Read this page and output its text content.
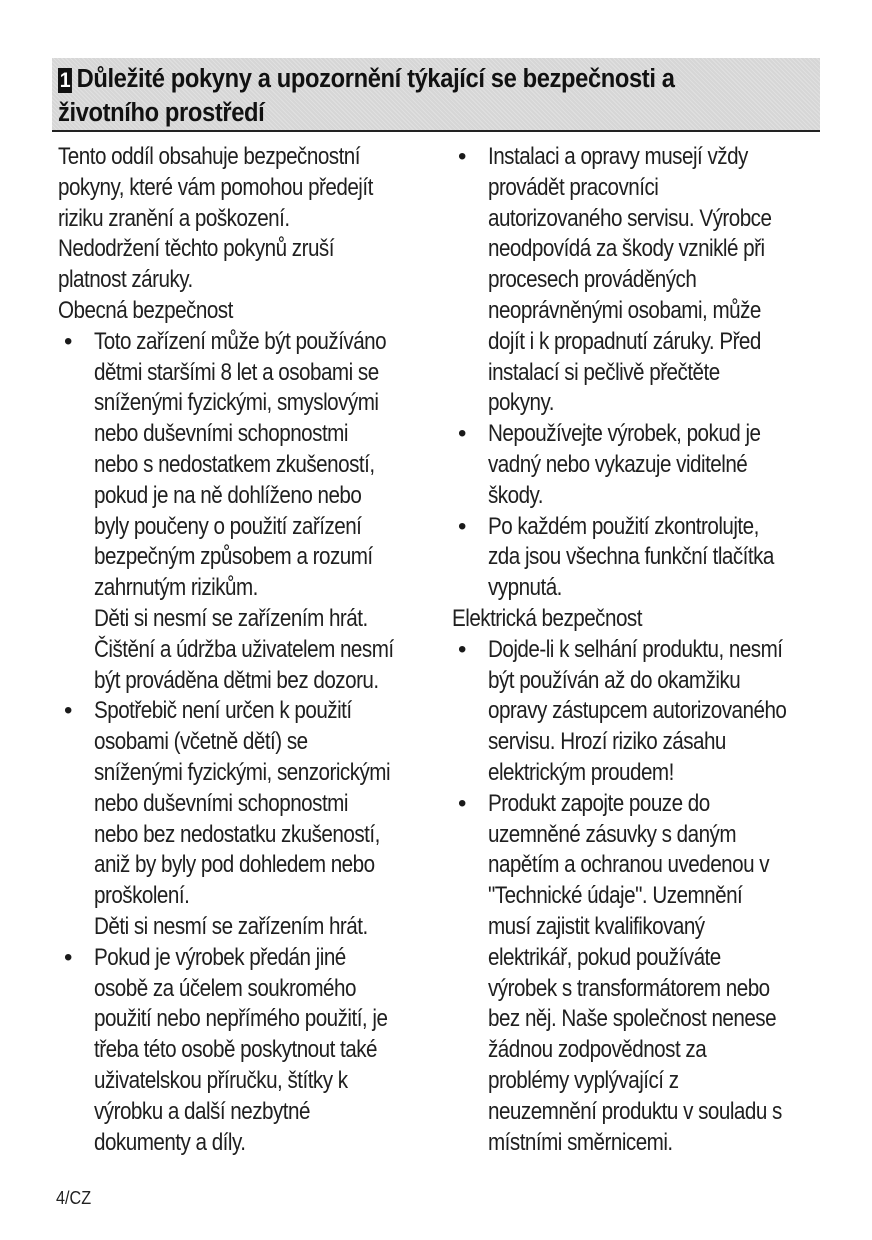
1 Důležité pokyny a upozornění týkající se bezpečnosti a
životního prostředí

Tento oddíl obsahuje bezpečnostní
pokyny, které vám pomohou předejít
riziku zranění a poškození.
Nedodržení těchto pokynů zruší
platnost záruky.

Obecná bezpečnost

• Toto zařízení může být používáno
dětmi staršími 8 let a osobami se
sníženými fyzickými, smyslovými
nebo duševními schopnostmi
nebo s nedostatkem zkušeností,
pokud je na ně dohlíženo nebo
byly poučeny o použití zařízení
bezpečným způsobem a rozumí
zahrnutým rizikům.
Děti si nesmí se zařízením hrát.
Čištění a údržba uživatelem nesmí
být prováděna dětmi bez dozoru.

• Spotřebič není určen k použití
osobami (včetně dětí) se
sníženými fyzickými, senzorickými
nebo duševními schopnostmi
nebo bez nedostatku zkušeností,
aniž by byly pod dohledem nebo
proškolení.
Děti si nesmí se zařízením hrát.

• Pokud je výrobek předán jiné
osobě za účelem soukromého
použití nebo nepřímého použití, je
třeba této osobě poskytnout také
uživatelskou příručku, štítky k
výrobku a další nezbytné
dokumenty a díly.

• Instalaci a opravy musejí vždy
provádět pracovníci
autorizovaného servisu. Výrobce
neodpovídá za škody vzniklé při
procesech prováděných
neoprávněnými osobami, může
dojít i k propadnutí záruky. Před
instalací si pečlivě přečtěte
pokyny.

• Nepoužívejte výrobek, pokud je
vadný nebo vykazuje viditelné
škody.

• Po každém použití zkontrolujte,
zda jsou všechna funkční tlačítka
vypnutá.

Elektrická bezpečnost

• Dojde-li k selhání produktu, nesmí
být používán až do okamžiku
opravy zástupcem autorizovaného
servisu. Hrozí riziko zásahu
elektrickým proudem!

• Produkt zapojte pouze do
uzemněné zásuvky s daným
napětím a ochranou uvedenou v
"Technické údaje". Uzemnění
musí zajistit kvalifikovaný
elektrikář, pokud používáte
výrobek s transformátorem nebo
bez něj. Naše společnost nenese
žádnou zodpovědnost za
problémy vyplývající z
neuzemnění produktu v souladu s
místními směrnicemi.

4/CZ
